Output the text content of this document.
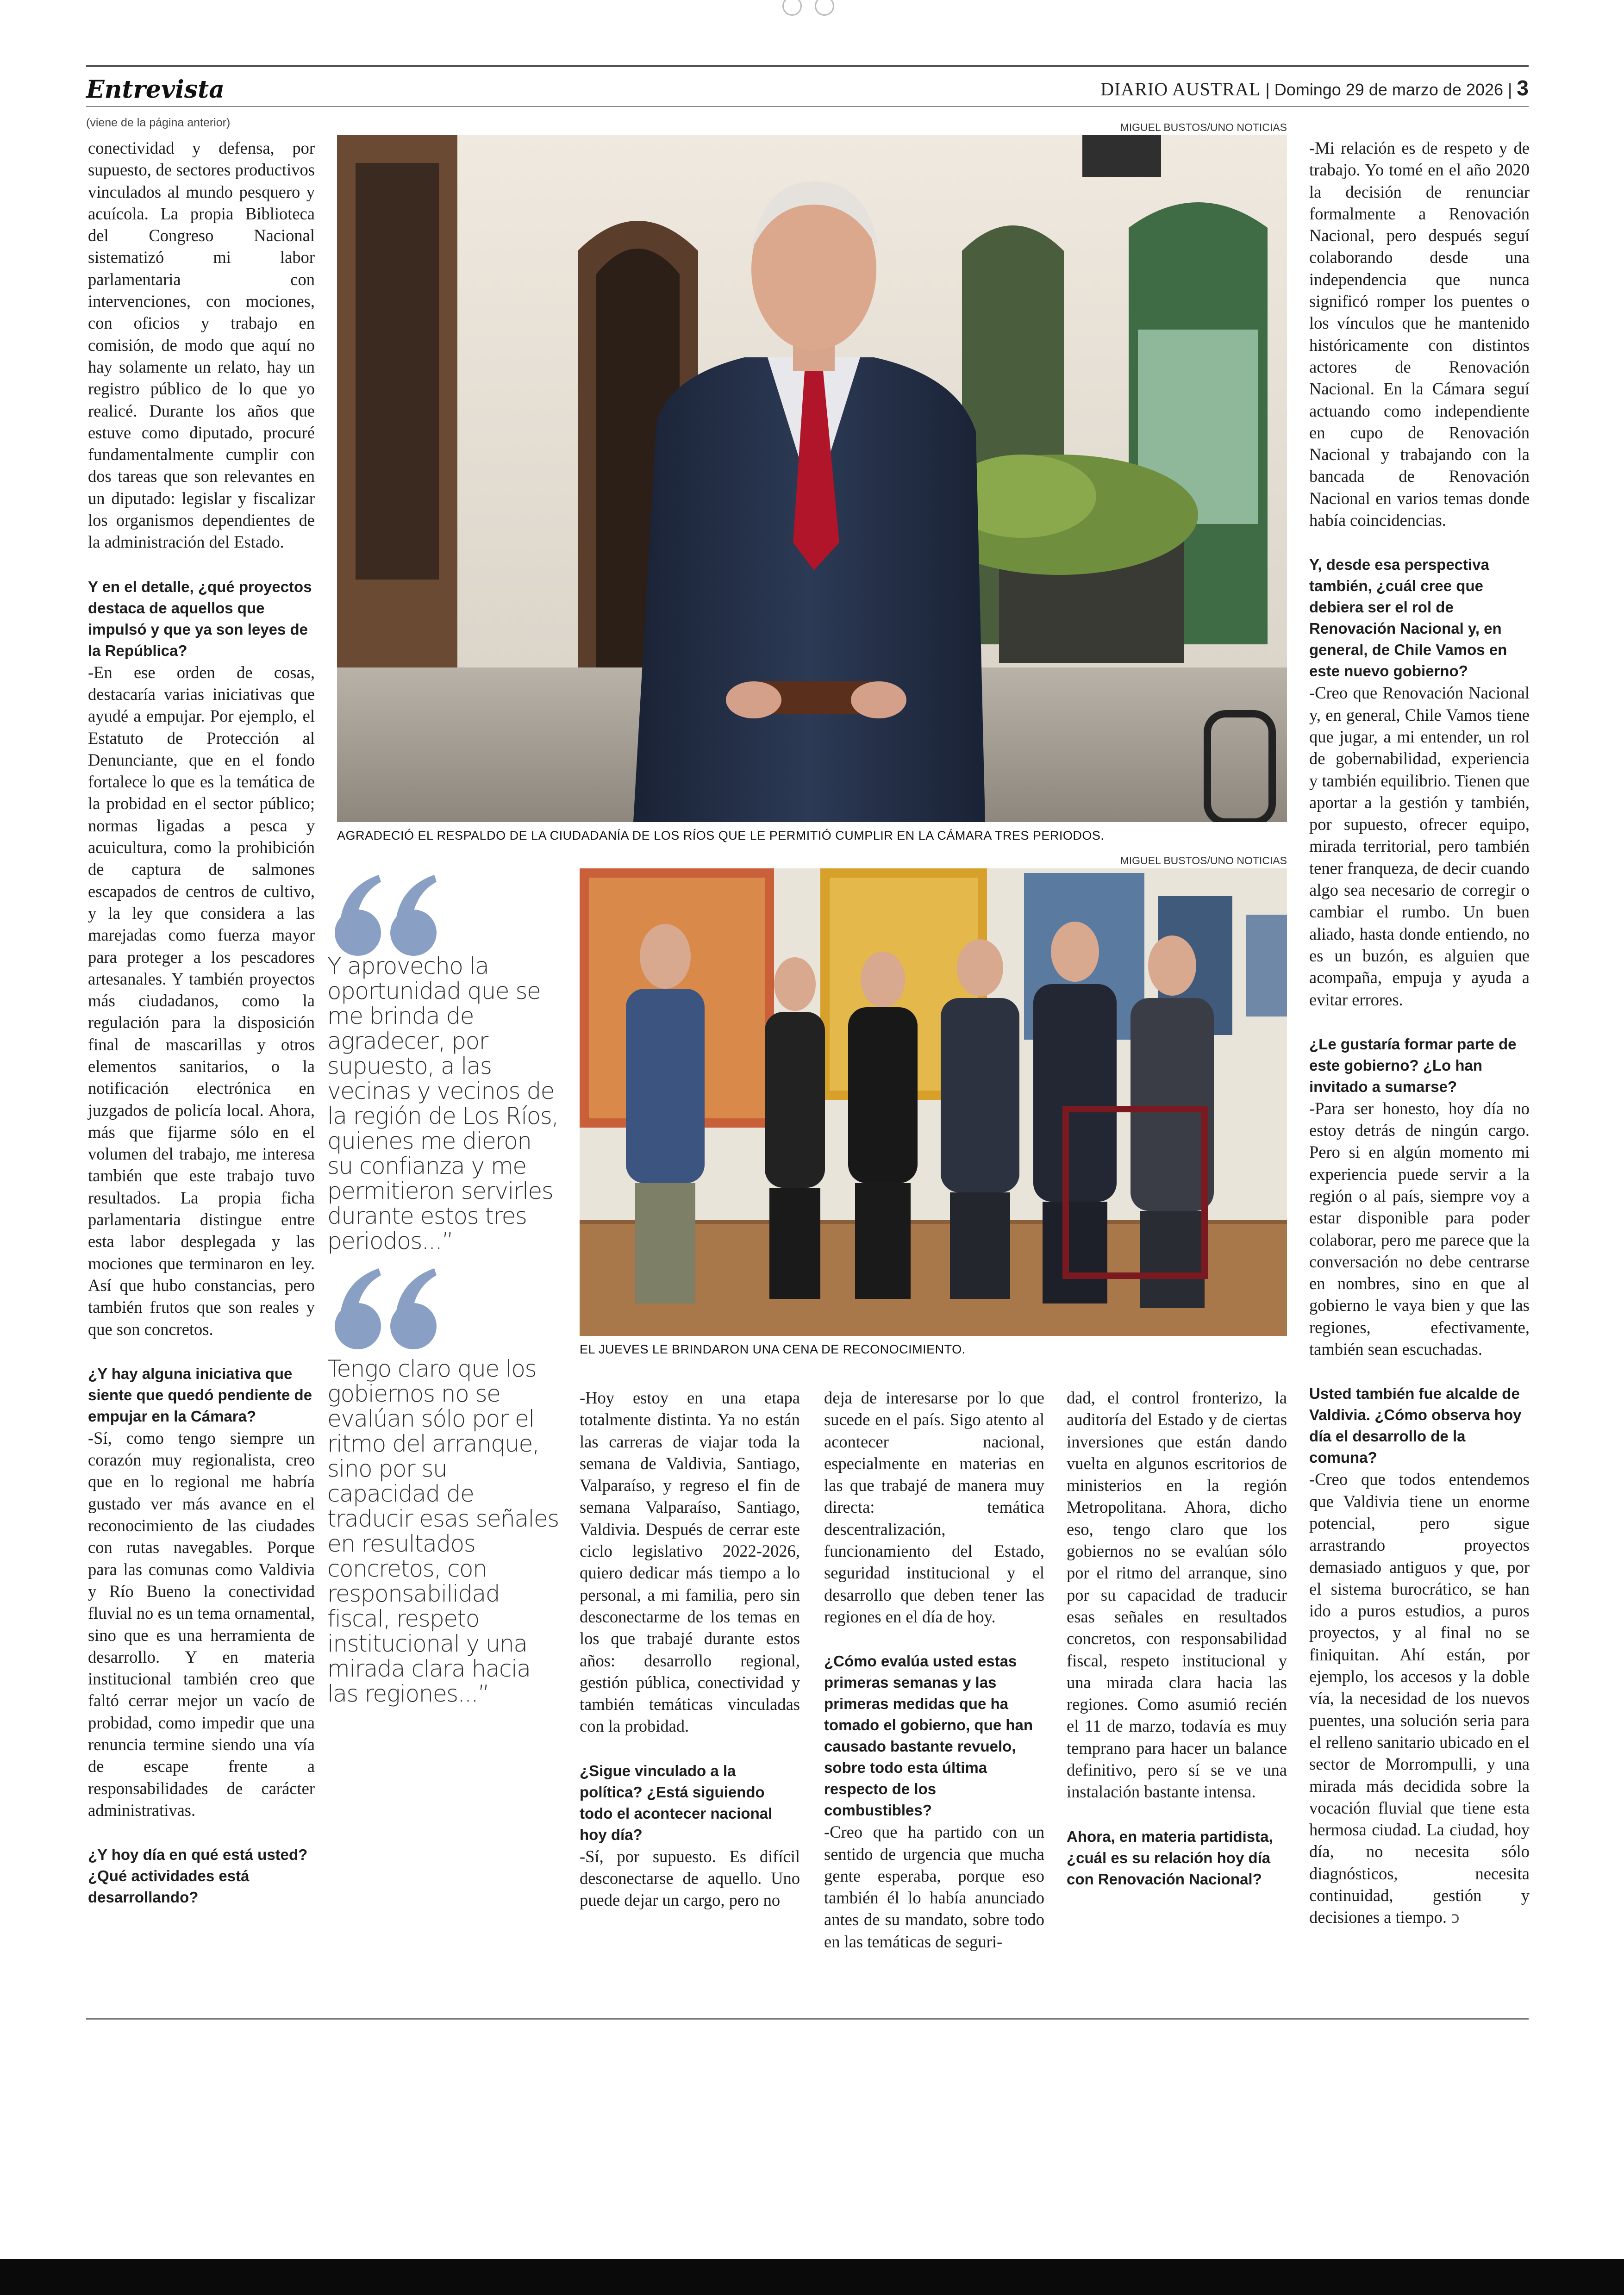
Entrevista	DIARIO AUSTRAL | Domingo 29 de marzo de 2026 | 3
(viene de la página anterior)

conectividad y defensa, por supuesto, de sectores productivos vinculados al mundo pesquero y acuícola. La propia Biblioteca del Congreso Nacional sistematizó mi labor parlamentaria con intervenciones, con mociones, con oficios y trabajo en comisión, de modo que aquí no hay solamente un relato, hay un registro público de lo que yo realicé. Durante los años que estuve como diputado, procuré fundamentalmente cumplir con dos tareas que son relevantes en un diputado: legislar y fiscalizar los organismos dependientes de la administración del Estado.

Y en el detalle, ¿qué proyectos destaca de aquellos que impulsó y que ya son leyes de la República?

-En ese orden de cosas, destacaría varias iniciativas que ayudé a empujar. Por ejemplo, el Estatuto de Protección al Denunciante, que en el fondo fortalece lo que es la temática de la probidad en el sector público; normas ligadas a pesca y acuicultura, como la prohibición de captura de salmones escapados de centros de cultivo, y la ley que considera a las marejadas como fuerza mayor para proteger a los pescadores artesanales. Y también proyectos más ciudadanos, como la regulación para la disposición final de mascarillas y otros elementos sanitarios, o la notificación electrónica en juzgados de policía local. Ahora, más que fijarme sólo en el volumen del trabajo, me interesa también que este trabajo tuvo resultados. La propia ficha parlamentaria distingue entre esta labor desplegada y las mociones que terminaron en ley. Así que hubo constancias, pero también frutos que son reales y que son concretos.

¿Y hay alguna iniciativa que siente que quedó pendiente de empujar en la Cámara?

-Sí, como tengo siempre un corazón muy regionalista, creo que en lo regional me habría gustado ver más avance en el reconocimiento de las ciudades con rutas navegables. Porque para las comunas como Valdivia y Río Bueno la conectividad fluvial no es un tema ornamental, sino que es una herramienta de desarrollo. Y en materia institucional también creo que faltó cerrar mejor un vacío de probidad, como impedir que una renuncia termine siendo una vía de escape frente a responsabilidades de carácter administrativas.

¿Y hoy día en qué está usted? ¿Qué actividades está desarrollando?

MIGUEL BUSTOS/UNO NOTICIAS
AGRADECIÓ EL RESPALDO DE LA CIUDADANÍA DE LOS RÍOS QUE LE PERMITIÓ CUMPLIR EN LA CÁMARA TRES PERIODOS.
MIGUEL BUSTOS/UNO NOTICIAS
EL JUEVES LE BRINDARON UNA CENA DE RECONOCIMIENTO.
Y aprovecho la oportunidad que se me brinda de agradecer, por supuesto, a las vecinas y vecinos de la región de Los Ríos, quienes me dieron su confianza y me permitieron servirles durante estos tres periodos...”
Tengo claro que los gobiernos no se evalúan sólo por el ritmo del arranque, sino por su capacidad de traducir esas señales en resultados concretos, con responsabilidad fiscal, respeto institucional y una mirada clara hacia las regiones...”

-Hoy estoy en una etapa totalmente distinta. Ya no están las carreras de viajar toda la semana de Valdivia, Santiago, Valparaíso, y regreso el fin de semana Valparaíso, Santiago, Valdivia. Después de cerrar este ciclo legislativo 2022-2026, quiero dedicar más tiempo a lo personal, a mi familia, pero sin desconectarme de los temas en los que trabajé durante estos años: desarrollo regional, gestión pública, conectividad y también temáticas vinculadas con la probidad.

¿Sigue vinculado a la política? ¿Está siguiendo todo el acontecer nacional hoy día?

-Sí, por supuesto. Es difícil desconectarse de aquello. Uno puede dejar un cargo, pero no

deja de interesarse por lo que sucede en el país. Sigo atento al acontecer nacional, especialmente en materias en las que trabajé de manera muy directa: temática descentralización, funcionamiento del Estado, seguridad institucional y el desarrollo que deben tener las regiones en el día de hoy.

¿Cómo evalúa usted estas primeras semanas y las primeras medidas que ha tomado el gobierno, que han causado bastante revuelo, sobre todo esta última respecto de los combustibles?

-Creo que ha partido con un sentido de urgencia que mucha gente esperaba, porque eso también él lo había anunciado antes de su mandato, sobre todo en las temáticas de seguri-

dad, el control fronterizo, la auditoría del Estado y de ciertas inversiones que están dando vuelta en algunos escritorios de ministerios en la región Metropolitana. Ahora, dicho eso, tengo claro que los gobiernos no se evalúan sólo por el ritmo del arranque, sino por su capacidad de traducir esas señales en resultados concretos, con responsabilidad fiscal, respeto institucional y una mirada clara hacia las regiones. Como asumió recién el 11 de marzo, todavía es muy temprano para hacer un balance definitivo, pero sí se ve una instalación bastante intensa.

Ahora, en materia partidista, ¿cuál es su relación hoy día con Renovación Nacional?

-Mi relación es de respeto y de trabajo. Yo tomé en el año 2020 la decisión de renunciar formalmente a Renovación Nacional, pero después seguí colaborando desde una independencia que nunca significó romper los puentes o los vínculos que he mantenido históricamente con distintos actores de Renovación Nacional. En la Cámara seguí actuando como independiente en cupo de Renovación Nacional y trabajando con la bancada de Renovación Nacional en varios temas donde había coincidencias.

Y, desde esa perspectiva también, ¿cuál cree que debiera ser el rol de Renovación Nacional y, en general, de Chile Vamos en este nuevo gobierno?

-Creo que Renovación Nacional y, en general, Chile Vamos tiene que jugar, a mi entender, un rol de gobernabilidad, experiencia y también equilibrio. Tienen que aportar a la gestión y también, por supuesto, ofrecer equipo, mirada territorial, pero también tener franqueza, de decir cuando algo sea necesario de corregir o cambiar el rumbo. Un buen aliado, hasta donde entiendo, no es un buzón, es alguien que acompaña, empuja y ayuda a evitar errores.

¿Le gustaría formar parte de este gobierno? ¿Lo han invitado a sumarse?

-Para ser honesto, hoy día no estoy detrás de ningún cargo. Pero si en algún momento mi experiencia puede servir a la región o al país, siempre voy a estar disponible para poder colaborar, pero me parece que la conversación no debe centrarse en nombres, sino en que al gobierno le vaya bien y que las regiones, efectivamente, también sean escuchadas.

Usted también fue alcalde de Valdivia. ¿Cómo observa hoy día el desarrollo de la comuna?

-Creo que todos entendemos que Valdivia tiene un enorme potencial, pero sigue arrastrando proyectos demasiado antiguos y que, por el sistema burocrático, se han ido a puros estudios, a puros proyectos, y al final no se finiquitan. Ahí están, por ejemplo, los accesos y la doble vía, la necesidad de los nuevos puentes, una solución seria para el relleno sanitario ubicado en el sector de Morrompulli, y una mirada más decidida sobre la vocación fluvial que tiene esta hermosa ciudad. La ciudad, hoy día, no necesita sólo diagnósticos, necesita continuidad, gestión y decisiones a tiempo. ↄ
